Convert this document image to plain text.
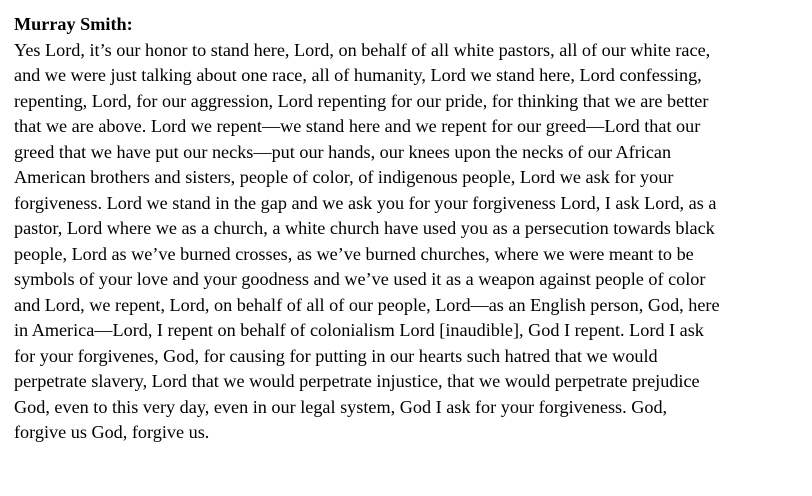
Murray Smith:
Yes Lord, it’s our honor to stand here, Lord, on behalf of all white pastors, all of our white race,
and we were just talking about one race, all of humanity, Lord we stand here, Lord confessing,
repenting, Lord, for our aggression, Lord repenting for our pride, for thinking that we are better
that we are above. Lord we repent—we stand here and we repent for our greed—Lord that our
greed that we have put our necks—put our hands, our knees upon the necks of our African
American brothers and sisters, people of color, of indigenous people, Lord we ask for your
forgiveness. Lord we stand in the gap and we ask you for your forgiveness Lord, I ask Lord, as a
pastor, Lord where we as a church, a white church have used you as a persecution towards black
people, Lord as we’ve burned crosses, as we’ve burned churches, where we were meant to be
symbols of your love and your goodness and we’ve used it as a weapon against people of color
and Lord, we repent, Lord, on behalf of all of our people, Lord—as an English person, God, here
in America—Lord, I repent on behalf of colonialism Lord [inaudible], God I repent. Lord I ask
for your forgivenes, God, for causing for putting in our hearts such hatred that we would
perpetrate slavery, Lord that we would perpetrate injustice, that we would perpetrate prejudice
God, even to this very day, even in our legal system, God I ask for your forgiveness. God,
forgive us God, forgive us.
